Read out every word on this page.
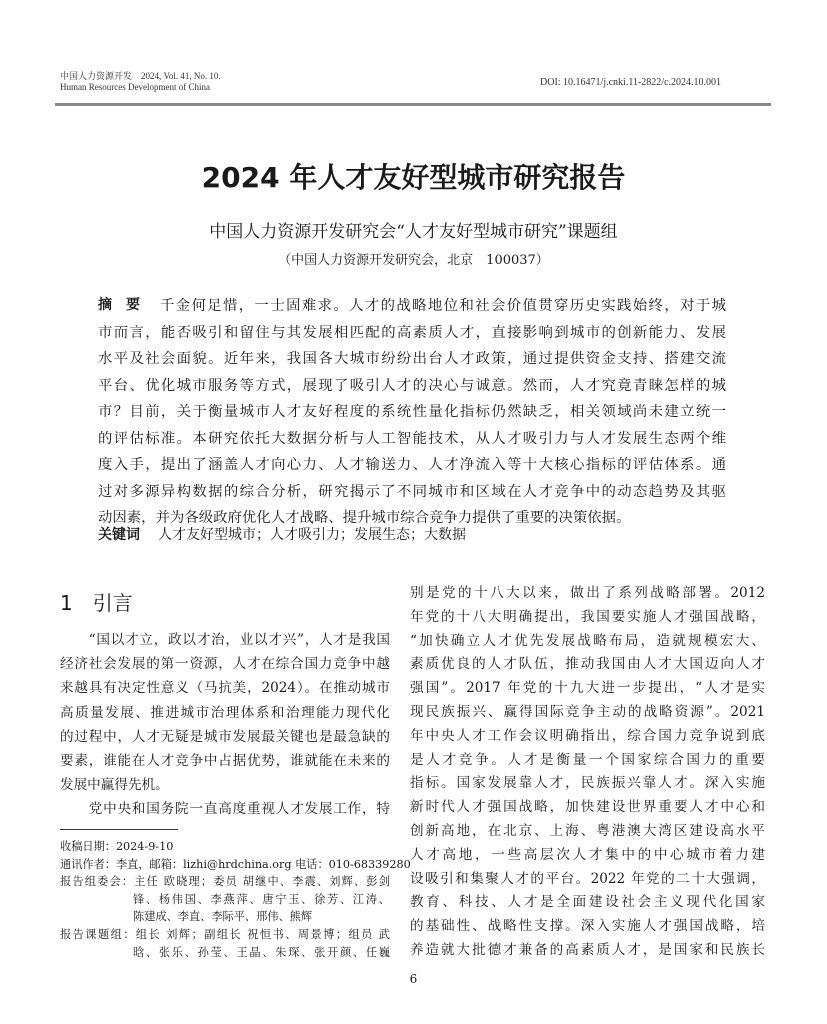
中国人力资源开发　2024, Vol. 41, No. 10.
Human Resources Development of China	DOI: 10.16471/j.cnki.11-2822/c.2024.10.001
2024 年人才友好型城市研究报告
中国人力资源开发研究会“人才友好型城市研究”课题组
（中国人力资源开发研究会，北京　100037）
摘　要 千金何足惜，一士固难求。人才的战略地位和社会价值贯穿历史实践始终，对于城
市而言，能否吸引和留住与其发展相匹配的高素质人才，直接影响到城市的创新能力、发展
水平及社会面貌。近年来，我国各大城市纷纷出台人才政策，通过提供资金支持、搭建交流
平台、优化城市服务等方式，展现了吸引人才的决心与诚意。然而，人才究竟青睐怎样的城
市？目前，关于衡量城市人才友好程度的系统性量化指标仍然缺乏，相关领域尚未建立统一
的评估标准。本研究依托大数据分析与人工智能技术，从人才吸引力与人才发展生态两个维
度入手，提出了涵盖人才向心力、人才输送力、人才净流入等十大核心指标的评估体系。通
过对多源异构数据的综合分析，研究揭示了不同城市和区域在人才竞争中的动态趋势及其驱
动因素，并为各级政府优化人才战略、提升城市综合竞争力提供了重要的决策依据。
关键词 人才友好型城市；人才吸引力；发展生态；大数据
1　引言
　　“国以才立，政以才治，业以才兴”，人才是我国
经济社会发展的第一资源，人才在综合国力竞争中越
来越具有决定性意义（马抗美，2024）。在推动城市
高质量发展、推进城市治理体系和治理能力现代化
的过程中，人才无疑是城市发展最关键也是最急缺的
要素，谁能在人才竞争中占据优势，谁就能在未来的
发展中赢得先机。
　　党中央和国务院一直高度重视人才发展工作，特
别是党的十八大以来，做出了系列战略部署。2012
年党的十八大明确提出，我国要实施人才强国战略，
“加快确立人才优先发展战略布局，造就规模宏大、
素质优良的人才队伍，推动我国由人才大国迈向人才
强国”。2017 年党的十九大进一步提出，“人才是实
现民族振兴、赢得国际竞争主动的战略资源”。2021
年中央人才工作会议明确指出，综合国力竞争说到底
是人才竞争。人才是衡量一个国家综合国力的重要
指标。国家发展靠人才，民族振兴靠人才。深入实施
新时代人才强国战略，加快建设世界重要人才中心和
创新高地，在北京、上海、粤港澳大湾区建设高水平
人才高地，一些高层次人才集中的中心城市着力建
设吸引和集聚人才的平台。2022 年党的二十大强调，
教育、科技、人才是全面建设社会主义现代化国家
的基础性、战略性支撑。深入实施人才强国战略，培
养造就大批德才兼备的高素质人才，是国家和民族长
收稿日期：2024-9-10
通讯作者：李直，邮箱：lizhi@hrdchina.org 电话：010-68339280
报告组委会：主任 欧晓理；委员 胡继中、李震、刘辉、彭剑
锋、杨伟国、李燕萍、唐宁玉、徐芳、江涛、
陈建成、李直、李际平、邢伟、熊辉
报告课题组：组长 刘辉；副组长 祝恒书、周景博；组员 武
晗、张乐、孙莹、王晶、朱琛、张开颜、任巍
6
